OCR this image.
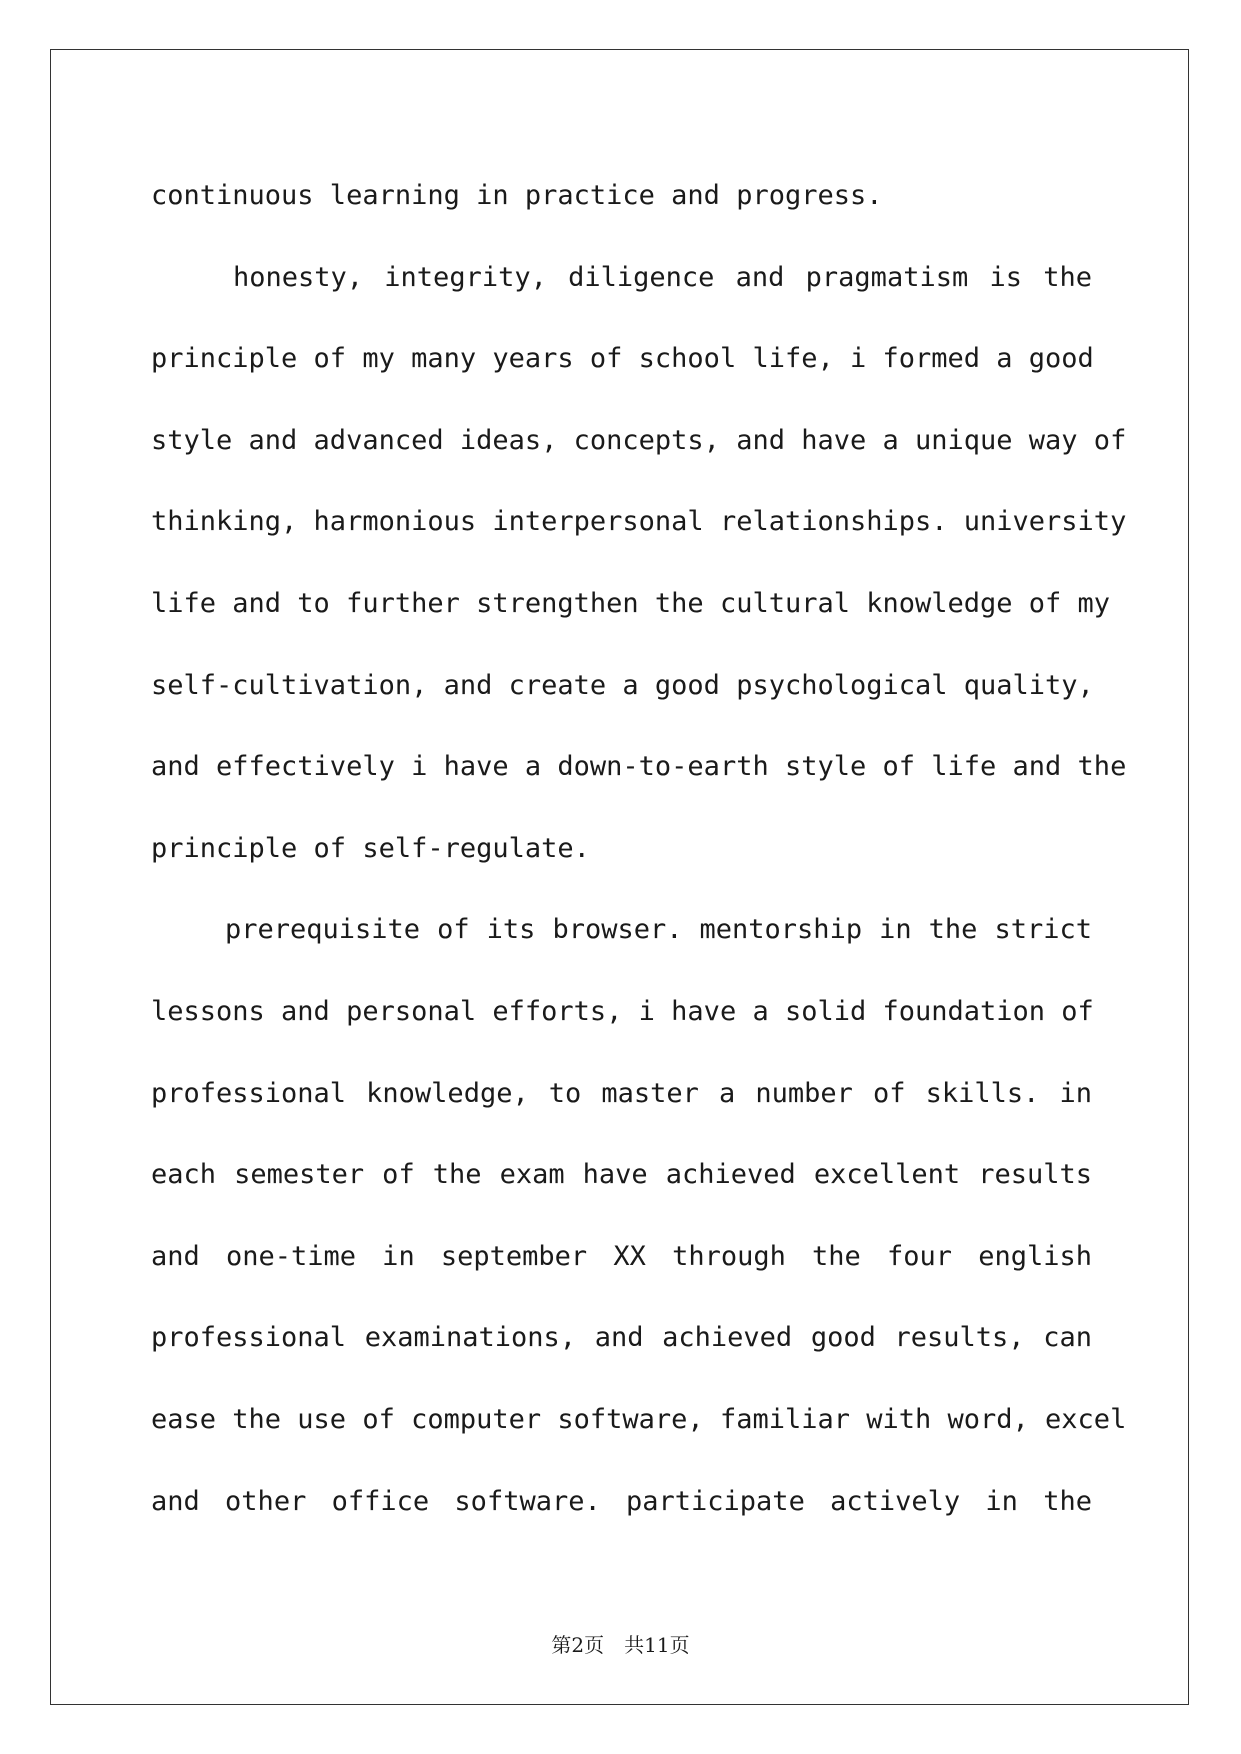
continuous learning in practice and progress.
honesty, integrity, diligence and pragmatism is the
principle of my many years of school life, i formed a good
style and advanced ideas, concepts, and have a unique way of
thinking, harmonious interpersonal relationships. university
life and to further strengthen the cultural knowledge of my
self-cultivation, and create a good psychological quality,
and effectively i have a down-to-earth style of life and the
principle of self-regulate.
prerequisite of its browser. mentorship in the strict
lessons and personal efforts, i have a solid foundation of
professional knowledge, to master a number of skills. in
each semester of the exam have achieved excellent results
and one-time in september XX through the four english
professional examinations, and achieved good results, can
ease the use of computer software, familiar with word, excel
and other office software. participate actively in the
第2页　共11页
